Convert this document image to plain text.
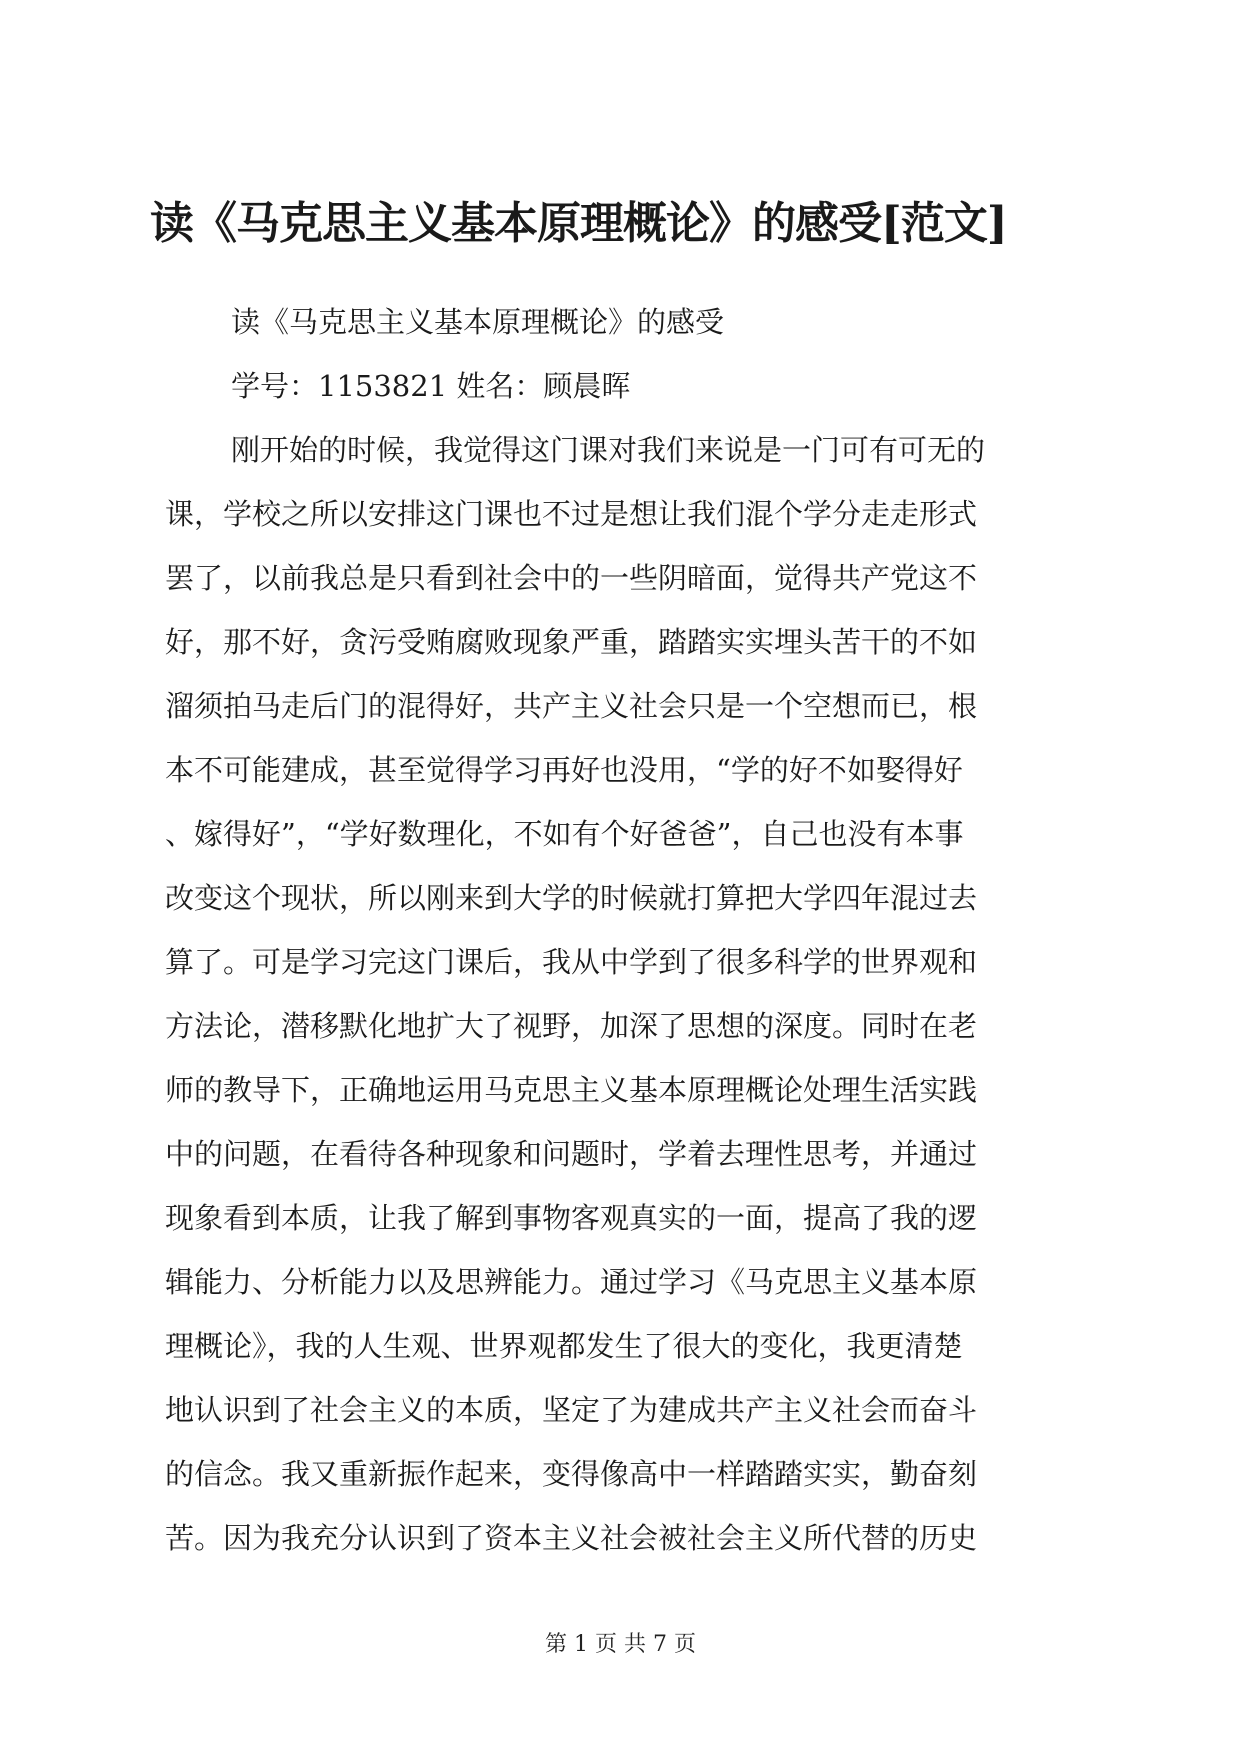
读《马克思主义基本原理概论》的感受[范文]
读《马克思主义基本原理概论》的感受
学号：1153821 姓名：顾晨晖
刚开始的时候，我觉得这门课对我们来说是一门可有可无的
课，学校之所以安排这门课也不过是想让我们混个学分走走形式
罢了，以前我总是只看到社会中的一些阴暗面，觉得共产党这不
好，那不好，贪污受贿腐败现象严重，踏踏实实埋头苦干的不如
溜须拍马走后门的混得好，共产主义社会只是一个空想而已，根
本不可能建成，甚至觉得学习再好也没用，“学的好不如娶得好
、嫁得好”，“学好数理化，不如有个好爸爸”，自己也没有本事
改变这个现状，所以刚来到大学的时候就打算把大学四年混过去
算了。可是学习完这门课后，我从中学到了很多科学的世界观和
方法论，潜移默化地扩大了视野，加深了思想的深度。同时在老
师的教导下，正确地运用马克思主义基本原理概论处理生活实践
中的问题，在看待各种现象和问题时，学着去理性思考，并通过
现象看到本质，让我了解到事物客观真实的一面，提高了我的逻
辑能力、分析能力以及思辨能力。通过学习《马克思主义基本原
理概论》，我的人生观、世界观都发生了很大的变化，我更清楚
地认识到了社会主义的本质，坚定了为建成共产主义社会而奋斗
的信念。我又重新振作起来，变得像高中一样踏踏实实，勤奋刻
苦。因为我充分认识到了资本主义社会被社会主义所代替的历史
第 1 页 共 7 页
